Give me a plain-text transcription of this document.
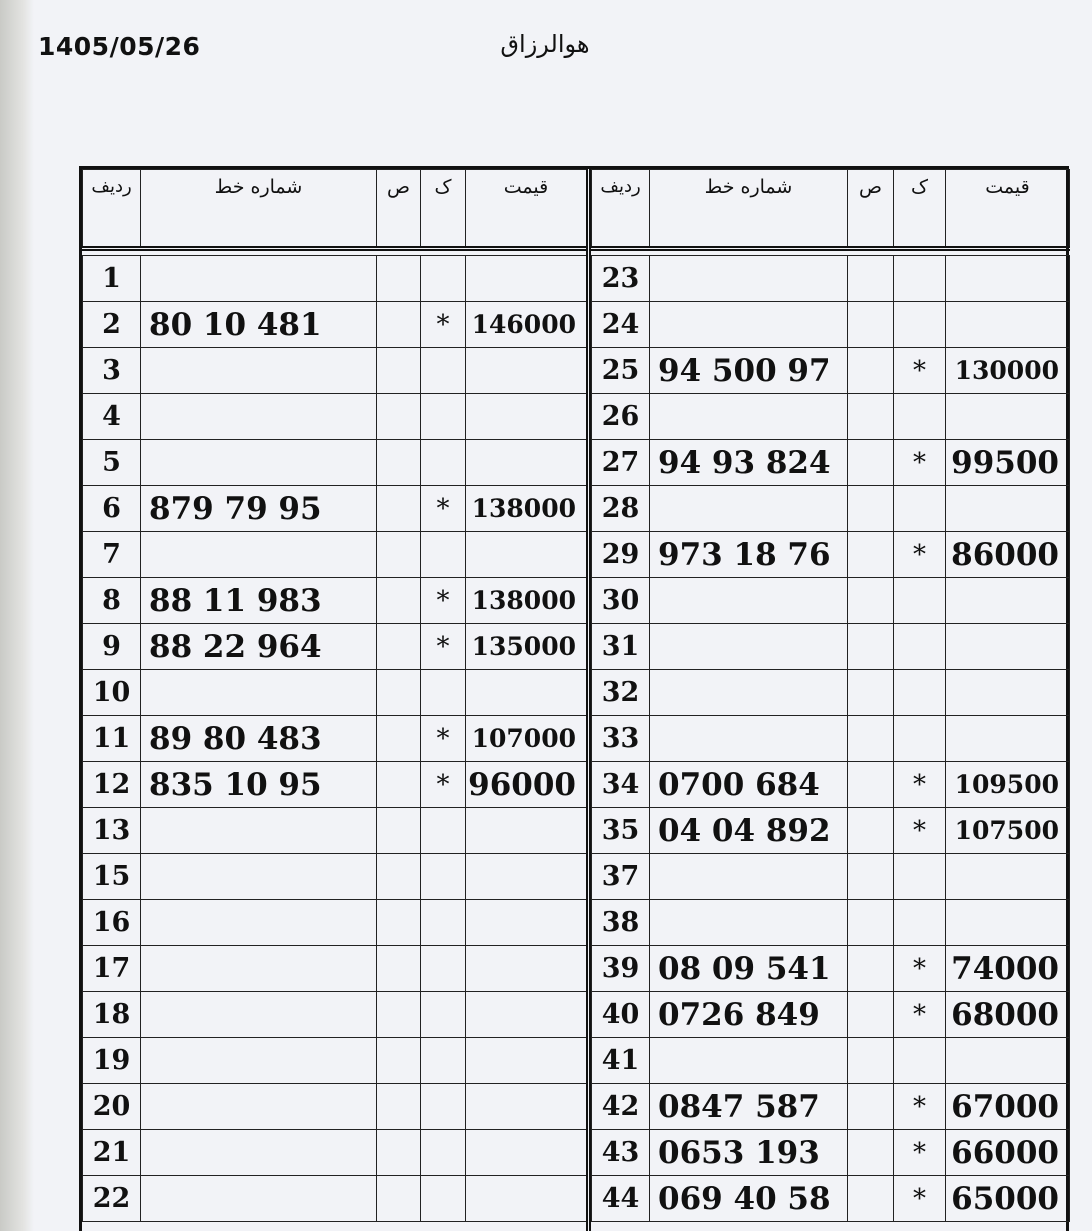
1405/05/26	هوالرزاق
ردیف	شماره خط	ص	ک	قیمت

1				
2	80 10 481		*	146000
3				
4				
5				
6	879 79 95		*	138000
7				
8	88 11 983		*	138000
9	88 22 964		*	135000
10				
11	89 80 483		*	107000
12	835 10 95		*	96000
13				
15				
16				
17				
18				
19				
20				
21				
22				
ردیف	شماره خط	ص	ک	قیمت

23				
24				
25	94 500 97		*	130000
26				
27	94 93 824		*	99500
28				
29	973 18 76		*	86000
30				
31				
32				
33				
34	0700 684		*	109500
35	04 04 892		*	107500
37				
38				
39	08 09 541		*	74000
40	0726 849		*	68000
41				
42	0847 587		*	67000
43	0653 193		*	66000
44	069 40 58		*	65000
